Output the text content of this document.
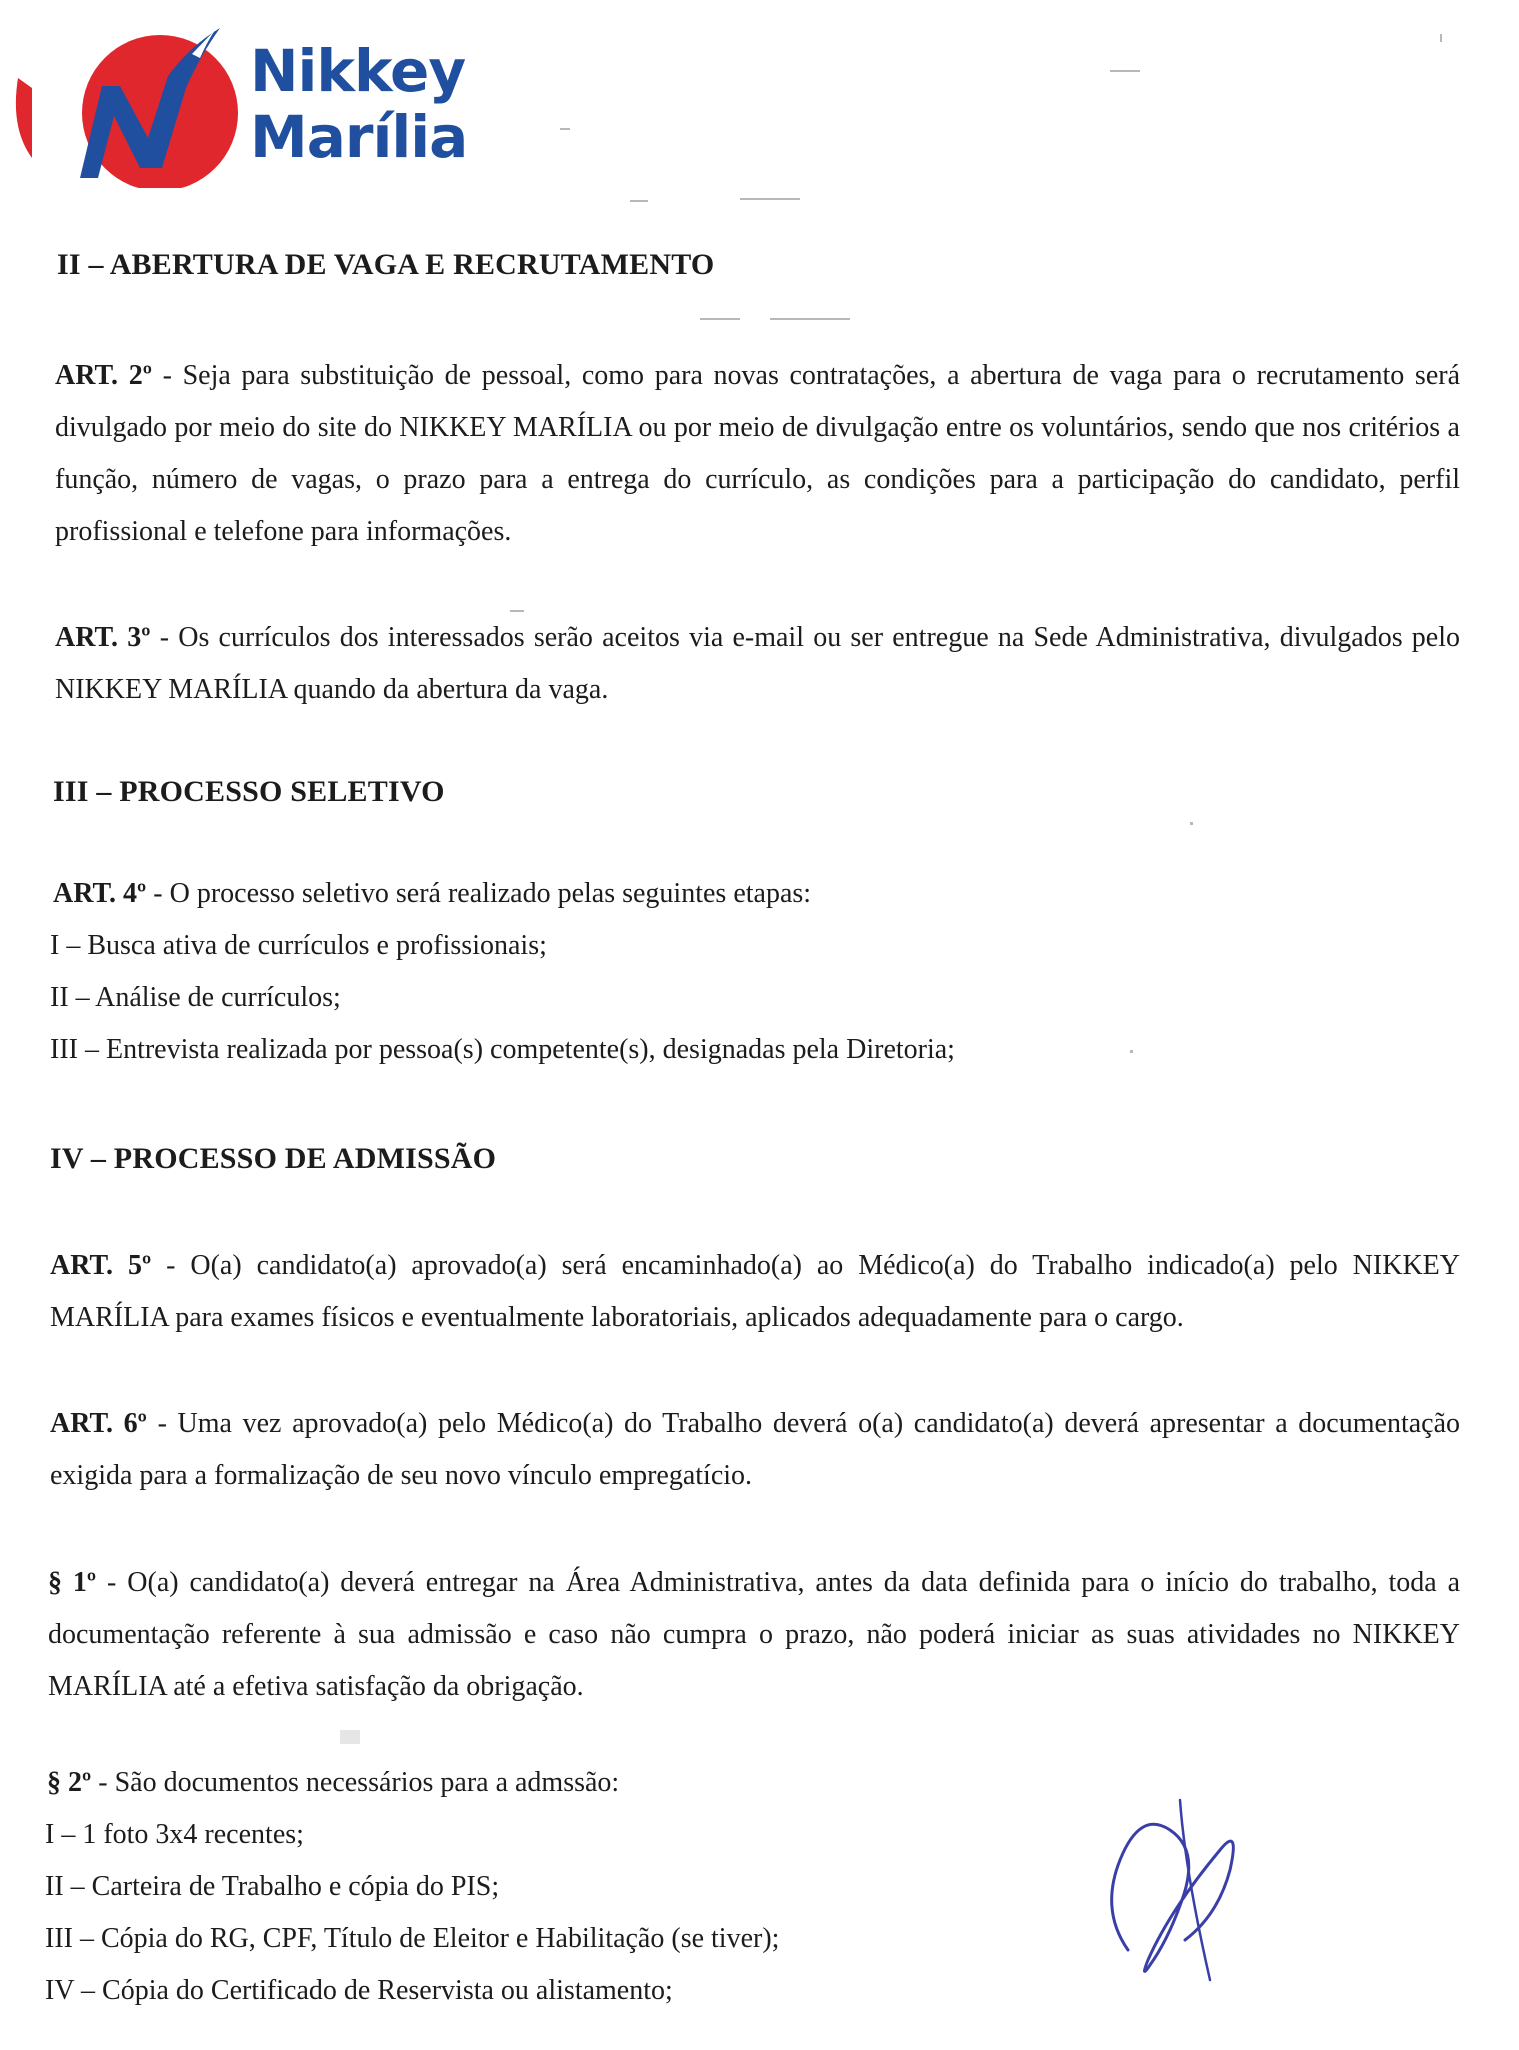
Nikkey
Marília
II – ABERTURA DE VAGA E RECRUTAMENTO
ART. 2º - Seja para substituição de pessoal, como para novas contratações, a abertura de vaga para o recrutamento será divulgado por meio do site do NIKKEY MARÍLIA ou por meio de divulgação entre os voluntários, sendo que nos critérios a função, número de vagas, o prazo para a entrega do currículo, as condições para a participação do candidato, perfil profissional e telefone para informações.
ART. 3º - Os currículos dos interessados serão aceitos via e-mail ou ser entregue na Sede Administrativa, divulgados pelo NIKKEY MARÍLIA quando da abertura da vaga.
III – PROCESSO SELETIVO
ART. 4º - O processo seletivo será realizado pelas seguintes etapas:
I – Busca ativa de currículos e profissionais;
II – Análise de currículos;
III – Entrevista realizada por pessoa(s) competente(s), designadas pela Diretoria;
IV – PROCESSO DE ADMISSÃO
ART. 5º - O(a) candidato(a) aprovado(a) será encaminhado(a) ao Médico(a) do Trabalho indicado(a) pelo NIKKEY MARÍLIA para exames físicos e eventualmente laboratoriais, aplicados adequadamente para o cargo.
ART. 6º - Uma vez aprovado(a) pelo Médico(a) do Trabalho deverá o(a) candidato(a) deverá apresentar a documentação exigida para a formalização de seu novo vínculo empregatício.
§ 1º - O(a) candidato(a) deverá entregar na Área Administrativa, antes da data definida para o início do trabalho, toda a documentação referente à sua admissão e caso não cumpra o prazo, não poderá iniciar as suas atividades no NIKKEY MARÍLIA até a efetiva satisfação da obrigação.
§ 2º - São documentos necessários para a admssão:
I – 1 foto 3x4 recentes;
II – Carteira de Trabalho e cópia do PIS;
III – Cópia do RG, CPF, Título de Eleitor e Habilitação (se tiver);
IV – Cópia do Certificado de Reservista ou alistamento;
